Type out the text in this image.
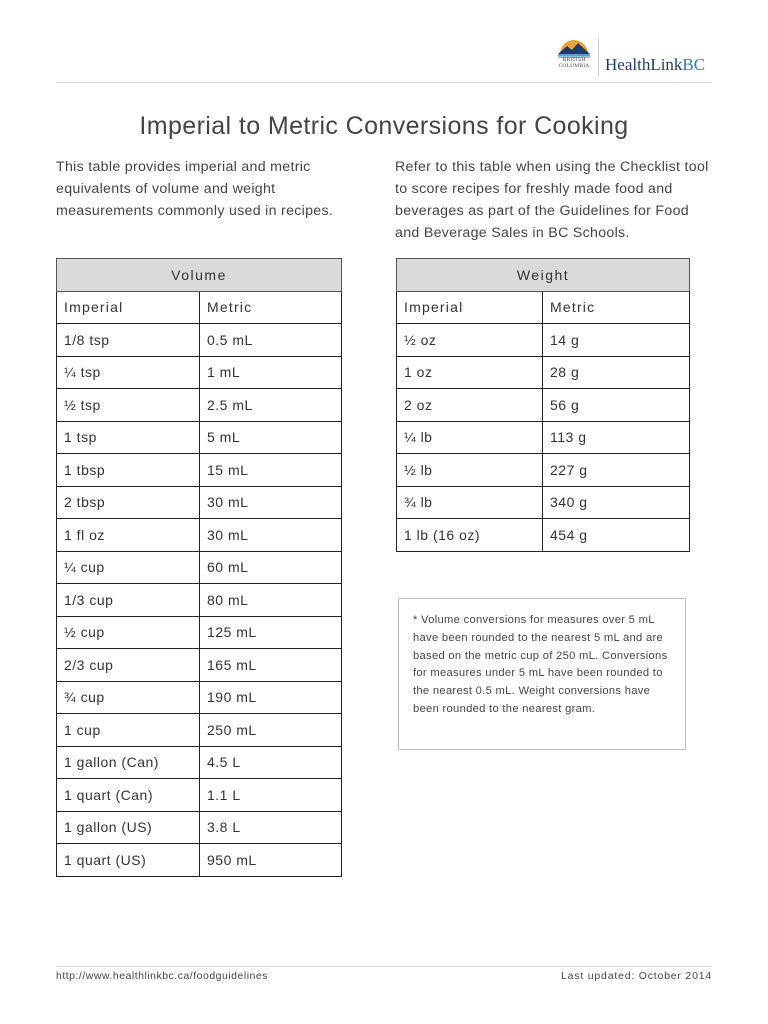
BRITISH
COLUMBIA HealthLinkBC
Imperial to Metric Conversions for Cooking

This table provides imperial and metric equivalents of volume and weight measurements commonly used in recipes.

Refer to this table when using the Checklist tool to score recipes for freshly made food and beverages as part of the Guidelines for Food and Beverage Sales in BC Schools.

Volume	
Imperial	Metric
1/8 tsp	0.5 mL
¼ tsp	1 mL
½ tsp	2.5 mL
1 tsp	5 mL
1 tbsp	15 mL
2 tbsp	30 mL
1 fl oz	30 mL
¼ cup	60 mL
1/3 cup	80 mL
½ cup	125 mL
2/3 cup	165 mL
¾ cup	190 mL
1 cup	250 mL
1 gallon (Can)	4.5 L
1 quart (Can)	1.1 L
1 gallon (US)	3.8 L
1 quart (US)	950 mL
Weight	
Imperial	Metric
½ oz	14 g
1 oz	28 g
2 oz	56 g
¼ lb	113 g
½ lb	227 g
¾ lb	340 g
1 lb (16 oz)	454 g
* Volume conversions for measures over 5 mL have been rounded to the nearest 5 mL and are based on the metric cup of 250 mL. Conversions for measures under 5 mL have been rounded to the nearest 0.5 mL. Weight conversions have been rounded to the nearest gram.
http://www.healthlinkbc.ca/foodguidelines	Last updated: October 2014
